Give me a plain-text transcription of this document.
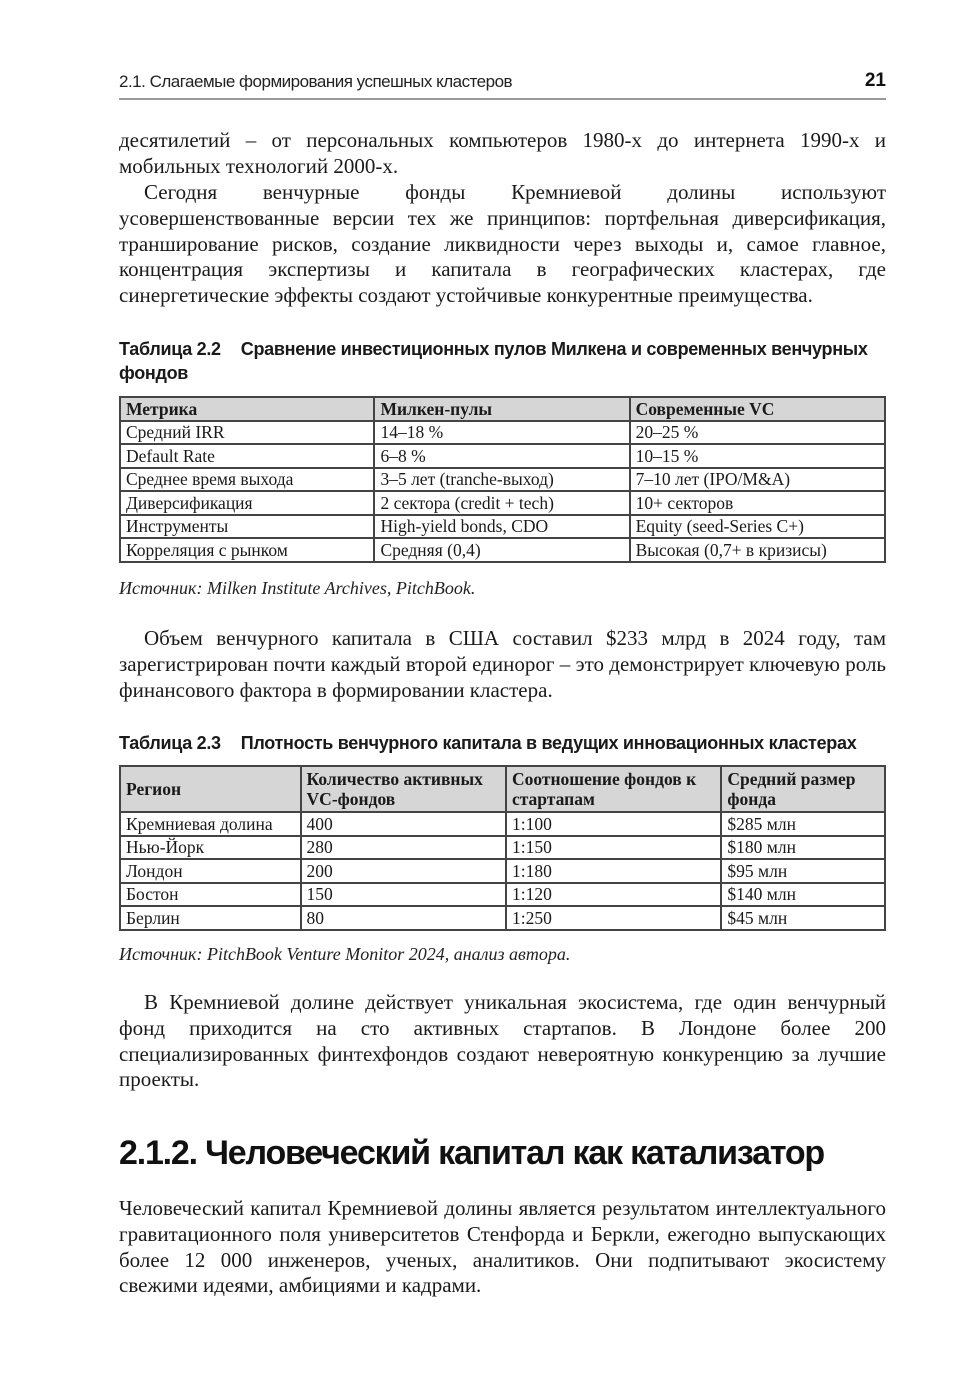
2.1. Слагаемые формирования успешных кластеров	21

десятилетий – от персональных компьютеров 1980-х до интернета 1990-х и мобильных технологий 2000-х.

Сегодня венчурные фонды Кремниевой долины используют усовершенствованные версии тех же принципов: портфельная диверсификация, траншированиe рисков, создание ликвидности через выходы и, самое главное, концентрация экспертизы и капитала в географических кластерах, где синергетические эффекты создают устойчивые конкурентные преимущества.

Таблица 2.2 Сравнение инвестиционных пулов Милкена и современных венчурных фондов

Метрика	Милкен-пулы	Современные VC
Средний IRR	14–18 %	20–25 %
Default Rate	6–8 %	10–15 %
Среднее время выхода	3–5 лет (tranche-выход)	7–10 лет (IPO/M&A)
Диверсификация	2 сектора (credit + tech)	10+ секторов
Инструменты	High-yield bonds, CDO	Equity (seed-Series C+)
Корреляция с рынком	Средняя (0,4)	Высокая (0,7+ в кризисы)

Источник: Milken Institute Archives, PitchBook.

Объем венчурного капитала в США составил $233 млрд в 2024 году, там зарегистрирован почти каждый второй единорог – это демонстрирует ключевую роль финансового фактора в формировании кластера.

Таблица 2.3 Плотность венчурного капитала в ведущих инновационных кластерах

Регион	Количество активных VC-фондов	Соотношение фондов к стартапам	Средний размер фонда
Кремниевая долина	400	1:100	$285 млн
Нью-Йорк	280	1:150	$180 млн
Лондон	200	1:180	$95 млн
Бостон	150	1:120	$140 млн
Берлин	80	1:250	$45 млн

Источник: PitchBook Venture Monitor 2024, анализ автора.

В Кремниевой долине действует уникальная экосистема, где один венчурный фонд приходится на сто активных стартапов. В Лондоне более 200 специализированных финтехфондов создают невероятную конкуренцию за лучшие проекты.

2.1.2. Человеческий капитал как катализатор

Человеческий капитал Кремниевой долины является результатом интеллектуального гравитационного поля университетов Стенфорда и Беркли, ежегодно выпускающих более 12 000 инженеров, ученых, аналитиков. Они подпитывают экосистему свежими идеями, амбициями и кадрами.
